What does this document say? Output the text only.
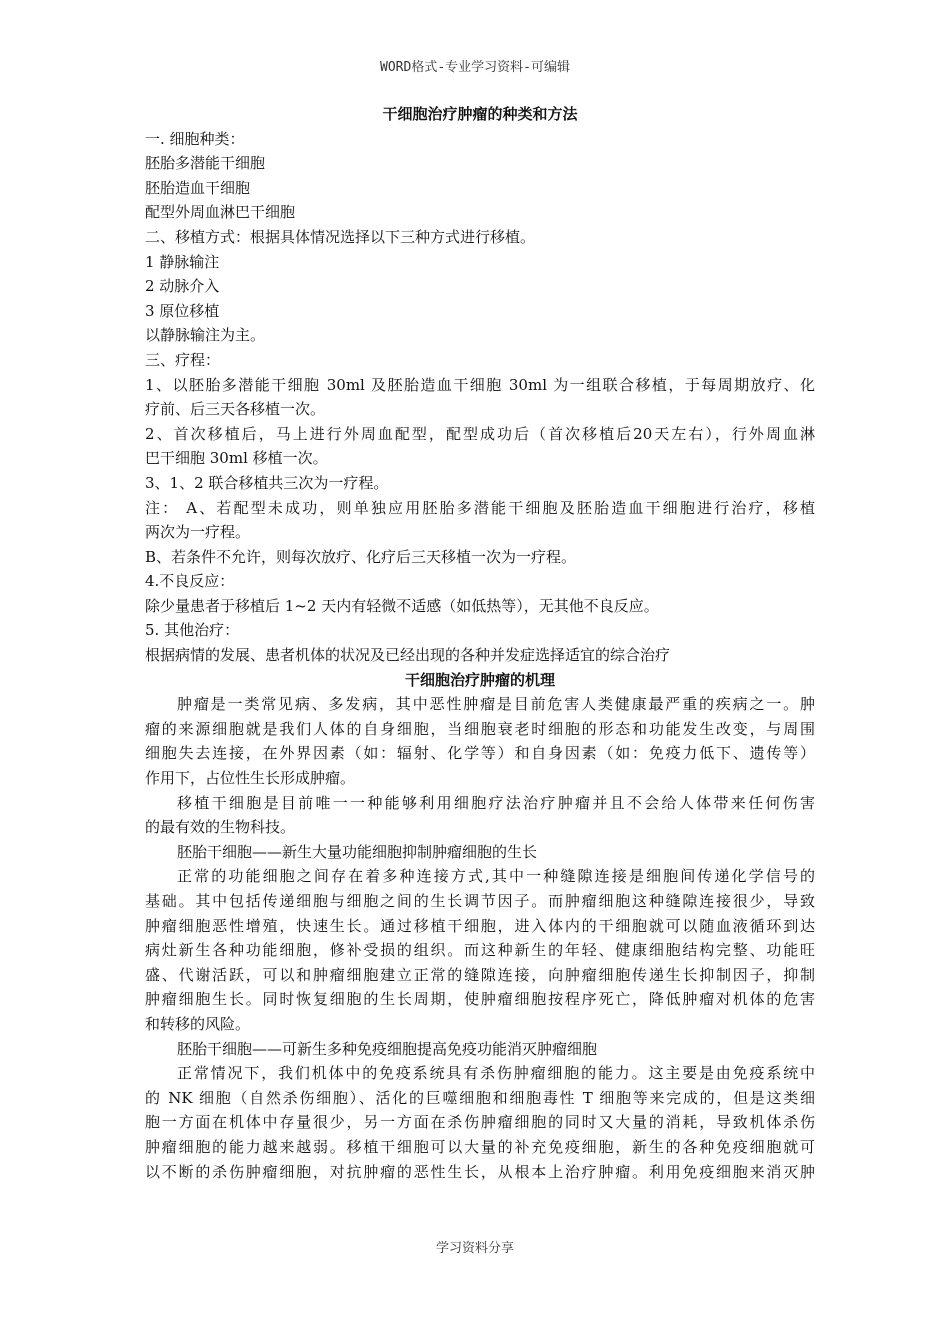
WORD格式-专业学习资料-可编辑
干细胞治疗肿瘤的种类和方法
一. 细胞种类：
胚胎多潜能干细胞
胚胎造血干细胞
配型外周血淋巴干细胞
二、移植方式：根据具体情况选择以下三种方式进行移植。
1 静脉输注
2 动脉介入
3 原位移植
以静脉输注为主。
三、疗程：
1、以胚胎多潜能干细胞 30ml 及胚胎造血干细胞 30ml 为一组联合移植，于每周期放疗、化
疗前、后三天各移植一次。
2、首次移植后，马上进行外周血配型，配型成功后（首次移植后20天左右），行外周血淋
巴干细胞 30ml 移植一次。
3、1、2 联合移植共三次为一疗程。
注： A、若配型未成功，则单独应用胚胎多潜能干细胞及胚胎造血干细胞进行治疗，移植
两次为一疗程。
B、若条件不允许，则每次放疗、化疗后三天移植一次为一疗程。
4.不良反应：
除少量患者于移植后 1~2 天内有轻微不适感（如低热等），无其他不良反应。
5. 其他治疗：
根据病情的发展、患者机体的状况及已经出现的各种并发症选择适宜的综合治疗
干细胞治疗肿瘤的机理
肿瘤是一类常见病、多发病，其中恶性肿瘤是目前危害人类健康最严重的疾病之一。肿
瘤的来源细胞就是我们人体的自身细胞，当细胞衰老时细胞的形态和功能发生改变，与周围
细胞失去连接，在外界因素（如：辐射、化学等）和自身因素（如：免疫力低下、遗传等）
作用下，占位性生长形成肿瘤。
移植干细胞是目前唯一一种能够利用细胞疗法治疗肿瘤并且不会给人体带来任何伤害
的最有效的生物科技。
胚胎干细胞——新生大量功能细胞抑制肿瘤细胞的生长
正常的功能细胞之间存在着多种连接方式,其中一种缝隙连接是细胞间传递化学信号的
基础。其中包括传递细胞与细胞之间的生长调节因子。而肿瘤细胞这种缝隙连接很少，导致
肿瘤细胞恶性增殖，快速生长。通过移植干细胞，进入体内的干细胞就可以随血液循环到达
病灶新生各种功能细胞，修补受损的组织。而这种新生的年轻、健康细胞结构完整、功能旺
盛、代谢活跃，可以和肿瘤细胞建立正常的缝隙连接，向肿瘤细胞传递生长抑制因子，抑制
肿瘤细胞生长。同时恢复细胞的生长周期，使肿瘤细胞按程序死亡，降低肿瘤对机体的危害
和转移的风险。
胚胎干细胞——可新生多种免疫细胞提高免疫功能消灭肿瘤细胞
正常情况下，我们机体中的免疫系统具有杀伤肿瘤细胞的能力。这主要是由免疫系统中
的 NK 细胞（自然杀伤细胞）、活化的巨噬细胞和细胞毒性 T 细胞等来完成的，但是这类细
胞一方面在机体中存量很少，另一方面在杀伤肿瘤细胞的同时又大量的消耗，导致机体杀伤
肿瘤细胞的能力越来越弱。移植干细胞可以大量的补充免疫细胞，新生的各种免疫细胞就可
以不断的杀伤肿瘤细胞，对抗肿瘤的恶性生长，从根本上治疗肿瘤。利用免疫细胞来消灭肿
学习资料分享
